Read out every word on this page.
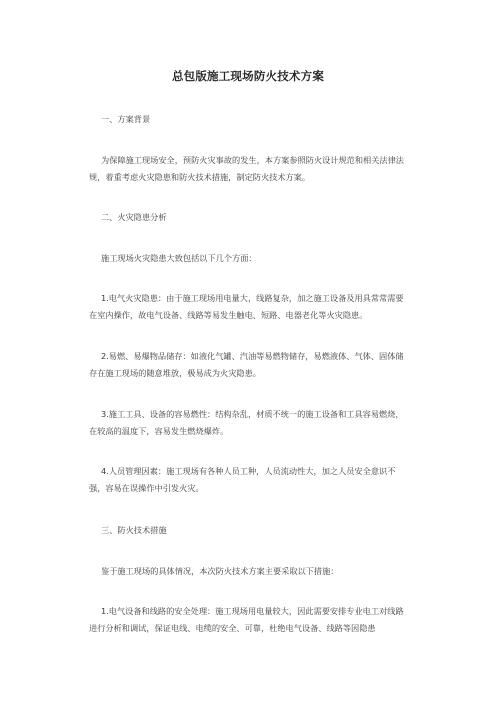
总包版施工现场防火技术方案
一、方案背景

为保障施工现场安全，预防火灾事故的发生，本方案参照防火设计规范和相关法律法规，着重考虑火灾隐患和防火技术措施，制定防火技术方案。

二、火灾隐患分析

施工现场火灾隐患大致包括以下几个方面：

1.电气火灾隐患：由于施工现场用电量大，线路复杂，加之施工设备及用具常常需要在室内操作，故电气设备、线路等易发生触电、短路、电器老化等火灾隐患。

2.易燃、易爆物品储存：如液化气罐、汽油等易燃物储存，易燃液体、气体、固体储存在施工现场的随意堆放，极易成为火灾隐患。

3.施工工具、设备的容易燃性：结构杂乱，材质不统一的施工设备和工具容易燃烧，在较高的温度下，容易发生燃烧爆炸。

4.人员管理因素：施工现场有各种人员工种，人员流动性大，加之人员安全意识不强，容易在误操作中引发火灾。

三、防火技术措施

鉴于施工现场的具体情况，本次防火技术方案主要采取以下措施：

1.电气设备和线路的安全处理：施工现场用电量较大，因此需要安排专业电工对线路进行分析和调试，保证电线、电缆的安全、可靠，杜绝电气设备、线路等因隐患
